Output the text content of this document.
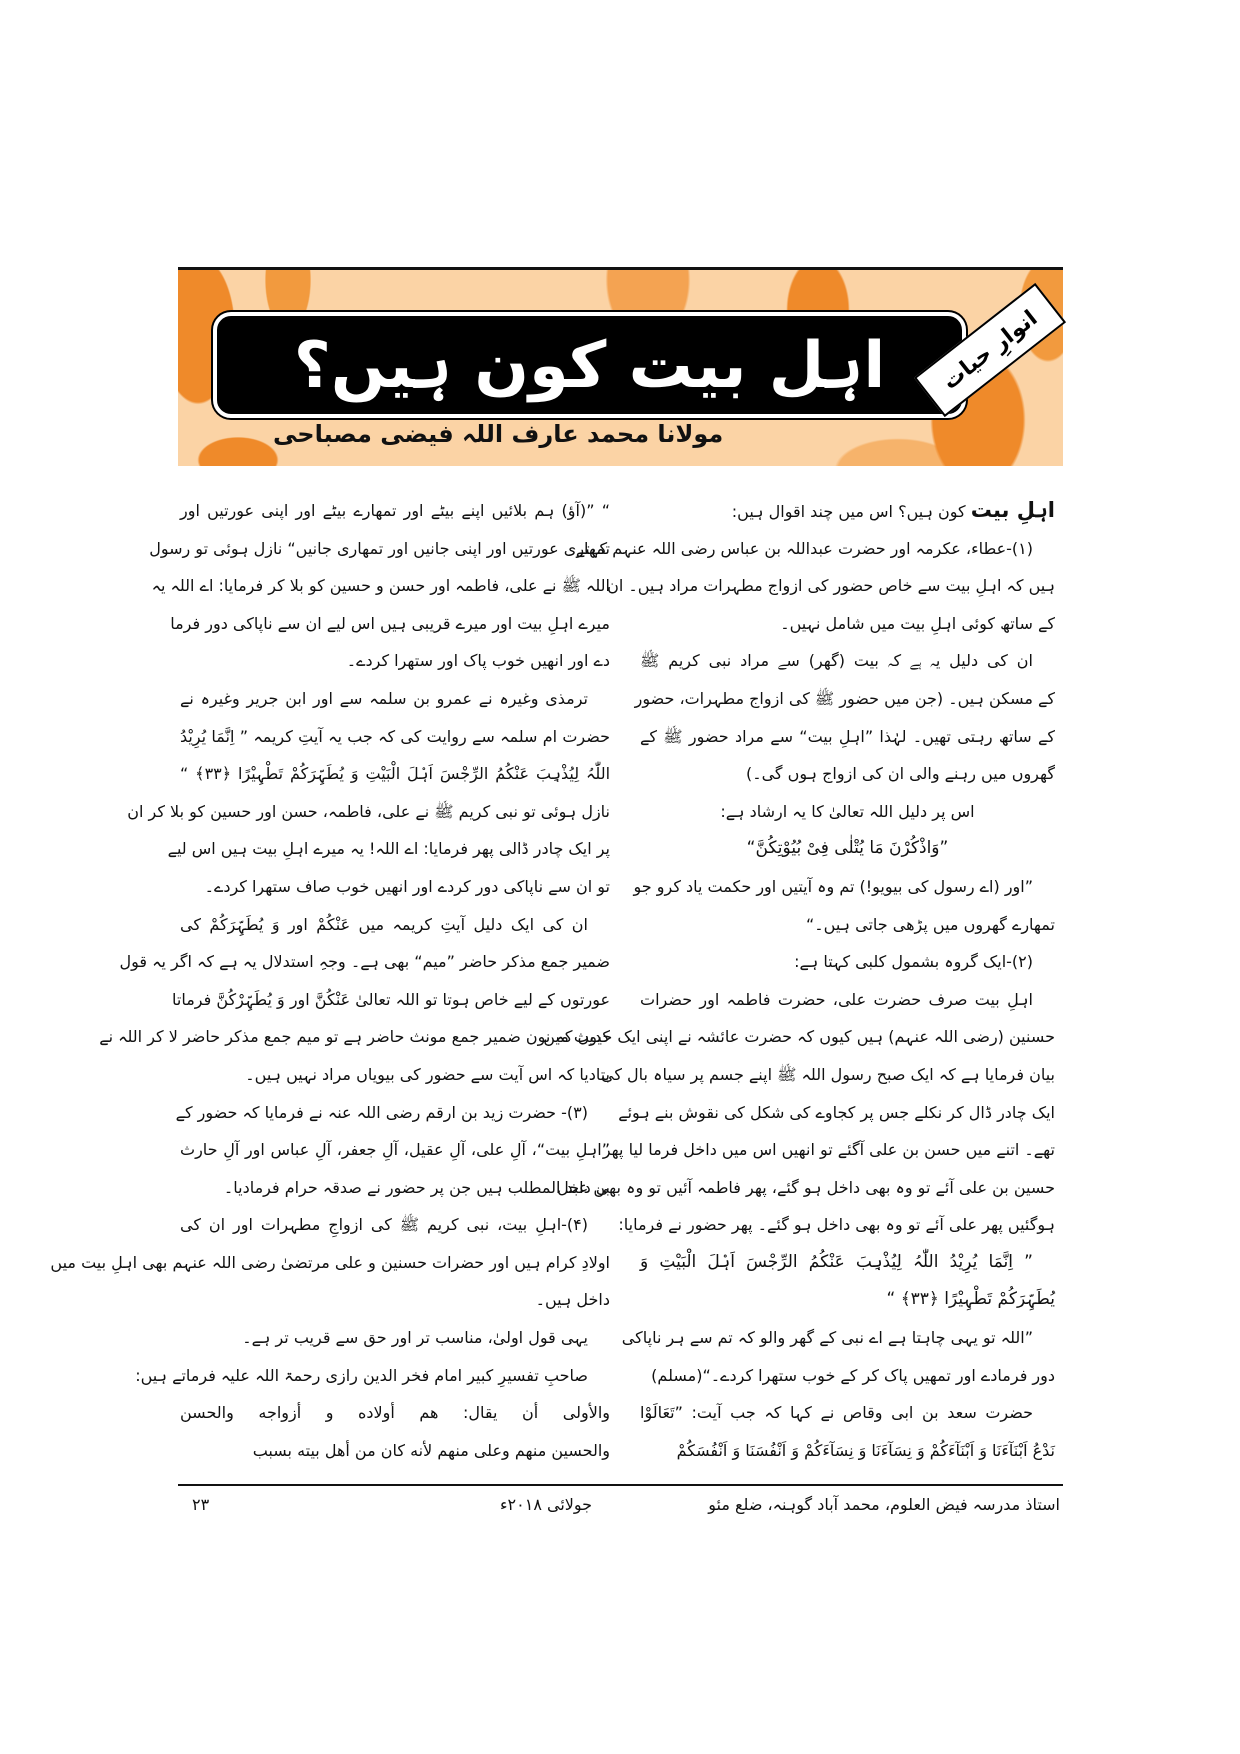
اہل بیت کون ہیں؟ انوارِ حیات
مولانا محمد عارف اللہ فیضی مصباحی
اہلِ بیت کون ہیں؟ اس میں چند اقوال ہیں:
(۱)-عطاء، عکرمہ اور حضرت عبداللہ بن عباس رضی اللہ عنہم کہتے
ہیں کہ اہلِ بیت سے خاص حضور کی ازواج مطہرات مراد ہیں۔ ان
کے ساتھ کوئی اہلِ بیت میں شامل نہیں۔
ان کی دلیل یہ ہے کہ بیت (گھر) سے مراد نبی کریم ﷺ
کے مسکن ہیں۔ (جن میں حضور ﷺ کی ازواج مطہرات، حضور
کے ساتھ رہتی تھیں۔ لہٰذا ”اہلِ بیت“ سے مراد حضور ﷺ کے
گھروں میں رہنے والی ان کی ازواج ہوں گی۔)
اس پر دلیل اللہ تعالیٰ کا یہ ارشاد ہے:
”وَاذْکُرْنَ مَا یُتْلٰی فِیْ بُیُوْتِکُنَّ“
”اور (اے رسول کی بیویو!) تم وہ آیتیں اور حکمت یاد کرو جو
تمھارے گھروں میں پڑھی جاتی ہیں۔“
(۲)-ایک گروہ بشمول کلبی کہتا ہے:
اہلِ بیت صرف حضرت علی، حضرت فاطمہ اور حضرات
حسنین (رضی اللہ عنہم) ہیں کیوں کہ حضرت عائشہ نے اپنی ایک حدیث میں
بیان فرمایا ہے کہ ایک صبح رسول اللہ ﷺ اپنے جسم پر سیاہ بال کی
ایک چادر ڈال کر نکلے جس پر کجاوے کی شکل کی نقوش بنے ہوئے
تھے۔ اتنے میں حسن بن علی آگئے تو انھیں اس میں داخل فرما لیا پھر
حسین بن علی آئے تو وہ بھی داخل ہو گئے، پھر فاطمہ آئیں تو وہ بھی داخل
ہوگئیں پھر علی آئے تو وہ بھی داخل ہو گئے۔ پھر حضور نے فرمایا:
” اِنَّمَا یُرِیْدُ اللّٰہُ لِیُذْہِبَ عَنْکُمُ الرِّجْسَ اَہْلَ الْبَیْتِ وَ
یُطَہِّرَکُمْ تَطْہِیْرًا ﴿۳۳﴾ “
”اللہ تو یہی چاہتا ہے اے نبی کے گھر والو کہ تم سے ہر ناپاکی
دور فرمادے اور تمھیں پاک کر کے خوب ستھرا کردے۔“(مسلم)
حضرت سعد بن ابی وقاص نے کہا کہ جب آیت: ”تَعَالَوْا
نَدْعُ اَبْنَآءَنَا وَ اَبْنَآءَکُمْ وَ نِسَآءَنَا وَ نِسَآءَکُمْ وَ اَنْفُسَنَا وَ اَنْفُسَکُمْ
“ ”(آؤ) ہم بلائیں اپنے بیٹے اور تمھارے بیٹے اور اپنی عورتیں اور
تمھاری عورتیں اور اپنی جانیں اور تمھاری جانیں“ نازل ہوئی تو رسول
اللہ ﷺ نے علی، فاطمہ اور حسن و حسین کو بلا کر فرمایا: اے اللہ یہ
میرے اہلِ بیت اور میرے قریبی ہیں اس لیے ان سے ناپاکی دور فرما
دے اور انھیں خوب پاک اور ستھرا کردے۔
ترمذی وغیرہ نے عمرو بن سلمہ سے اور ابن جریر وغیرہ نے
حضرت ام سلمہ سے روایت کی کہ جب یہ آیتِ کریمہ ” اِنَّمَا یُرِیْدُ
اللّٰہُ لِیُذْہِبَ عَنْکُمُ الرِّجْسَ اَہْلَ الْبَیْتِ وَ یُطَہِّرَکُمْ تَطْہِیْرًا ﴿۳۳﴾ “
نازل ہوئی تو نبی کریم ﷺ نے علی، فاطمہ، حسن اور حسین کو بلا کر ان
پر ایک چادر ڈالی پھر فرمایا: اے اللہ! یہ میرے اہلِ بیت ہیں اس لیے
تو ان سے ناپاکی دور کردے اور انھیں خوب صاف ستھرا کردے۔
ان کی ایک دلیل آیتِ کریمہ میں عَنْکُمْ اور وَ یُطَہِّرَکُمْ کی
ضمیر جمع مذکر حاضر ”میم“ بھی ہے۔ وجہِ استدلال یہ ہے کہ اگر یہ قول
عورتوں کے لیے خاص ہوتا تو اللہ تعالیٰ عَنْکُنَّ اور وَ یُطَہِّرْکُنَّ فرماتا
کیوں کہ نون ضمیر جمع مونث حاضر ہے تو میم جمع مذکر حاضر لا کر اللہ نے
بتادیا کہ اس آیت سے حضور کی بیویاں مراد نہیں ہیں۔
(۳)- حضرت زید بن ارقم رضی اللہ عنہ نے فرمایا کہ حضور کے
”اہلِ بیت“، آلِ علی، آلِ عقیل، آلِ جعفر، آلِ عباس اور آلِ حارث
بن عبد المطلب ہیں جن پر حضور نے صدقہ حرام فرمادیا۔
(۴)-اہلِ بیت، نبی کریم ﷺ کی ازواجِ مطہرات اور ان کی
اولادِ کرام ہیں اور حضرات حسنین و علی مرتضیٰ رضی اللہ عنہم بھی اہلِ بیت میں
داخل ہیں۔
یہی قول اولیٰ، مناسب تر اور حق سے قریب تر ہے۔
صاحبِ تفسیرِ کبیر امام فخر الدین رازی رحمۃ اللہ علیہ فرماتے ہیں:
والأولى أن يقال: هم أولاده و أزواجه والحسن
والحسين منهم وعلى منهم لأنه كان من أهل بيته بسبب
استاذ مدرسہ فیض العلوم، محمد آباد گوہنہ، ضلع مئو
جولائی ۲۰۱۸ء
۲۳
